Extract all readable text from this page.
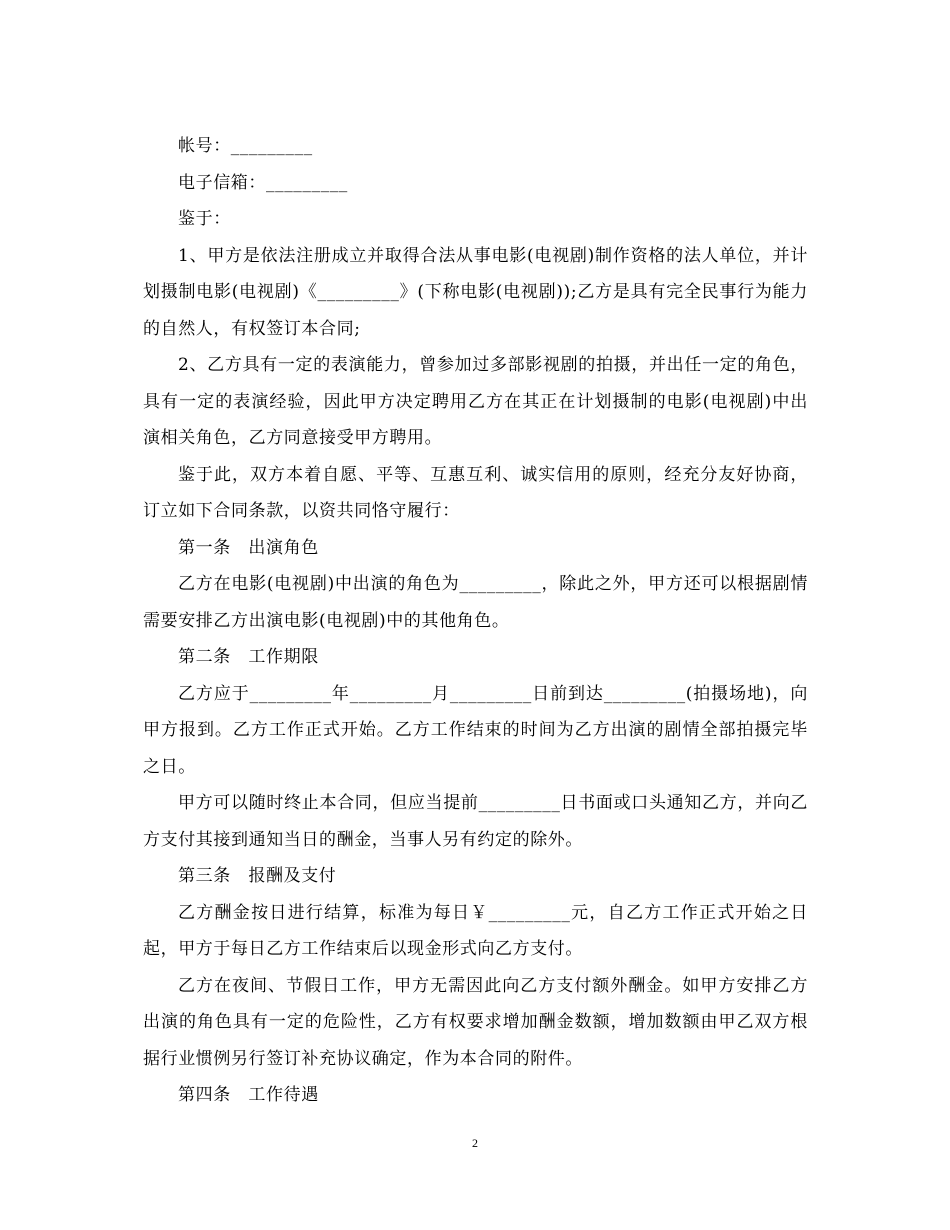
帐号：_________

电子信箱：_________

鉴于：

1、甲方是依法注册成立并取得合法从事电影(电视剧)制作资格的法人单位，并计划摄制电影(电视剧)《_________》(下称电影(电视剧));乙方是具有完全民事行为能力的自然人，有权签订本合同;

2、乙方具有一定的表演能力，曾参加过多部影视剧的拍摄，并出任一定的角色，具有一定的表演经验，因此甲方决定聘用乙方在其正在计划摄制的电影(电视剧)中出演相关角色，乙方同意接受甲方聘用。

鉴于此，双方本着自愿、平等、互惠互利、诚实信用的原则，经充分友好协商，订立如下合同条款，以资共同恪守履行：

第一条　出演角色

乙方在电影(电视剧)中出演的角色为_________，除此之外，甲方还可以根据剧情需要安排乙方出演电影(电视剧)中的其他角色。

第二条　工作期限

乙方应于_________年_________月_________日前到达_________(拍摄场地)，向甲方报到。乙方工作正式开始。乙方工作结束的时间为乙方出演的剧情全部拍摄完毕之日。

甲方可以随时终止本合同，但应当提前_________日书面或口头通知乙方，并向乙方支付其接到通知当日的酬金，当事人另有约定的除外。

第三条　报酬及支付

乙方酬金按日进行结算，标准为每日￥_________元，自乙方工作正式开始之日起，甲方于每日乙方工作结束后以现金形式向乙方支付。

乙方在夜间、节假日工作，甲方无需因此向乙方支付额外酬金。如甲方安排乙方出演的角色具有一定的危险性，乙方有权要求增加酬金数额，增加数额由甲乙双方根据行业惯例另行签订补充协议确定，作为本合同的附件。

第四条　工作待遇

2
